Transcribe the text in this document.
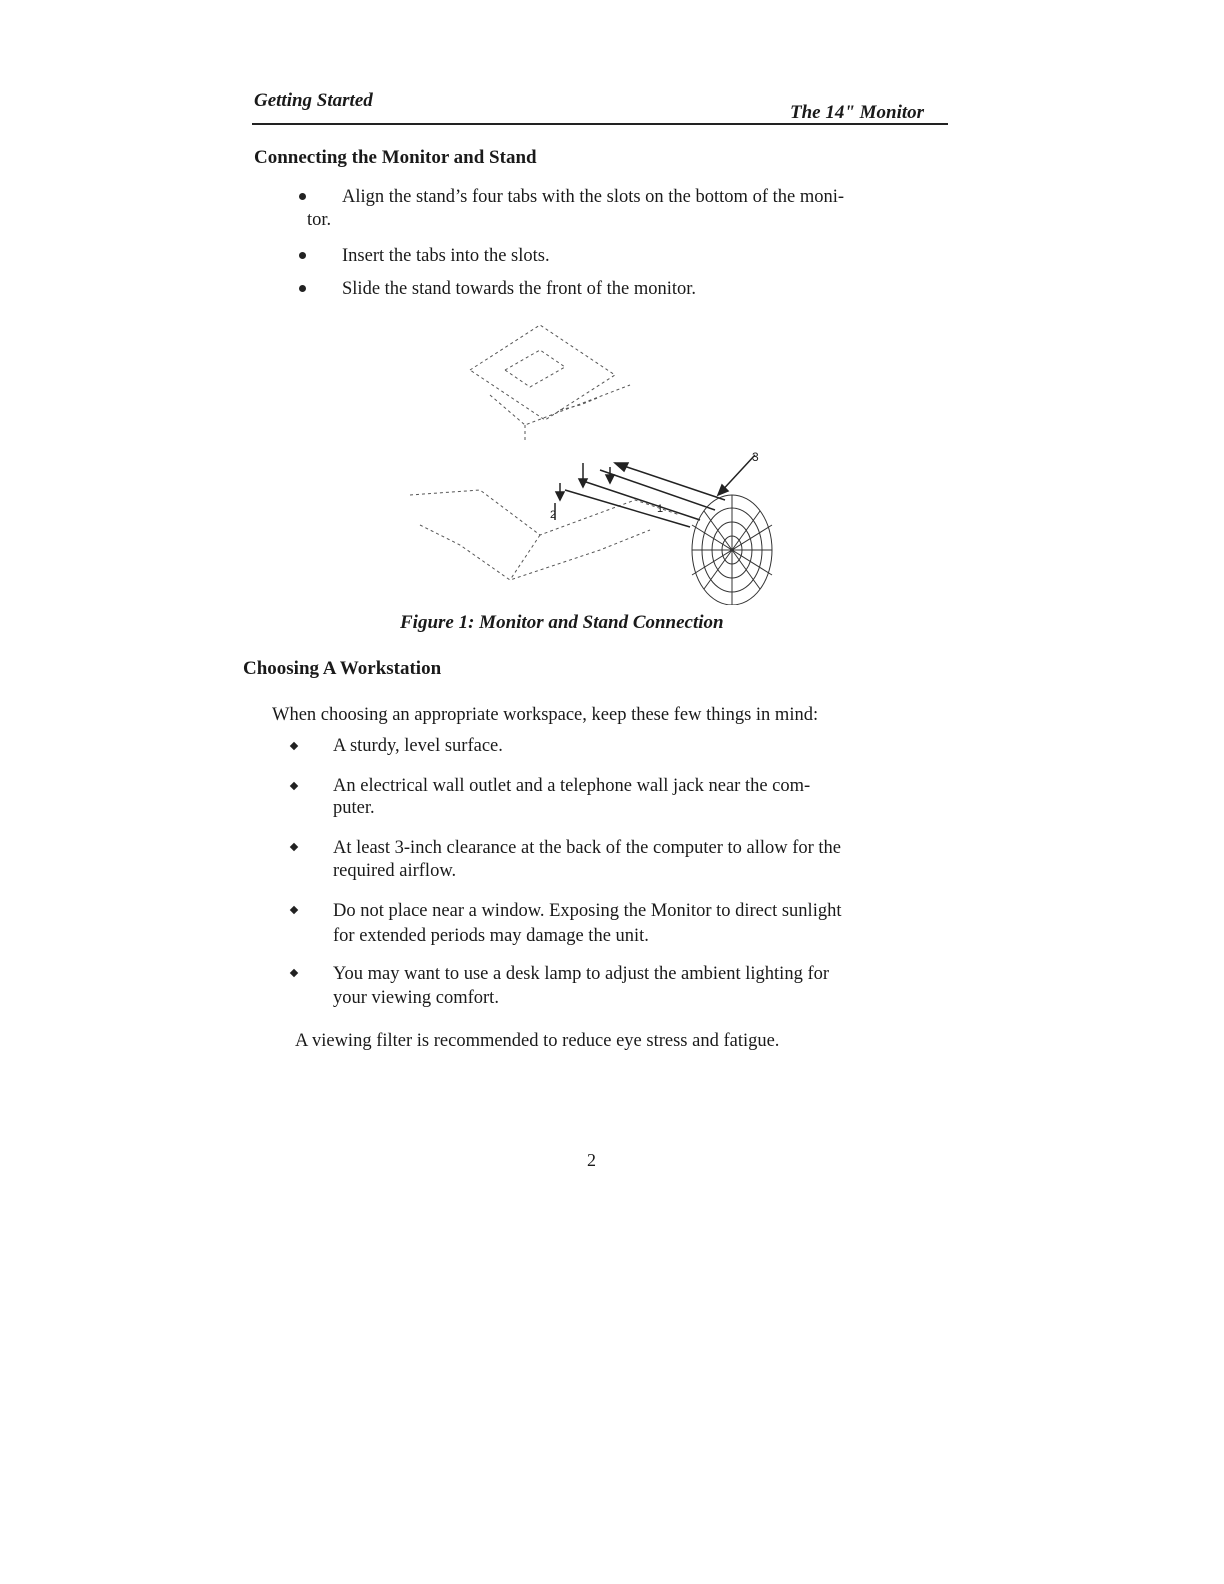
Getting Started
The 14" Monitor
Connecting the Monitor and Stand
Align the stand’s four tabs with the slots on the bottom of the moni-
tor.
Insert the tabs into the slots.
Slide the stand towards the front of the monitor.
3
1
2
Figure 1: Monitor and Stand Connection
Choosing A Workstation
When choosing an appropriate workspace, keep these few things in mind:
A sturdy, level surface.
An electrical wall outlet and a telephone wall jack near the com-
puter.
At least 3-inch clearance at the back of the computer to allow for the
required airflow.
Do not place near a window. Exposing the Monitor to direct sunlight
for extended periods may damage the unit.
You may want to use a desk lamp to adjust the ambient lighting for
your viewing comfort.
A viewing filter is recommended to reduce eye stress and fatigue.
2
